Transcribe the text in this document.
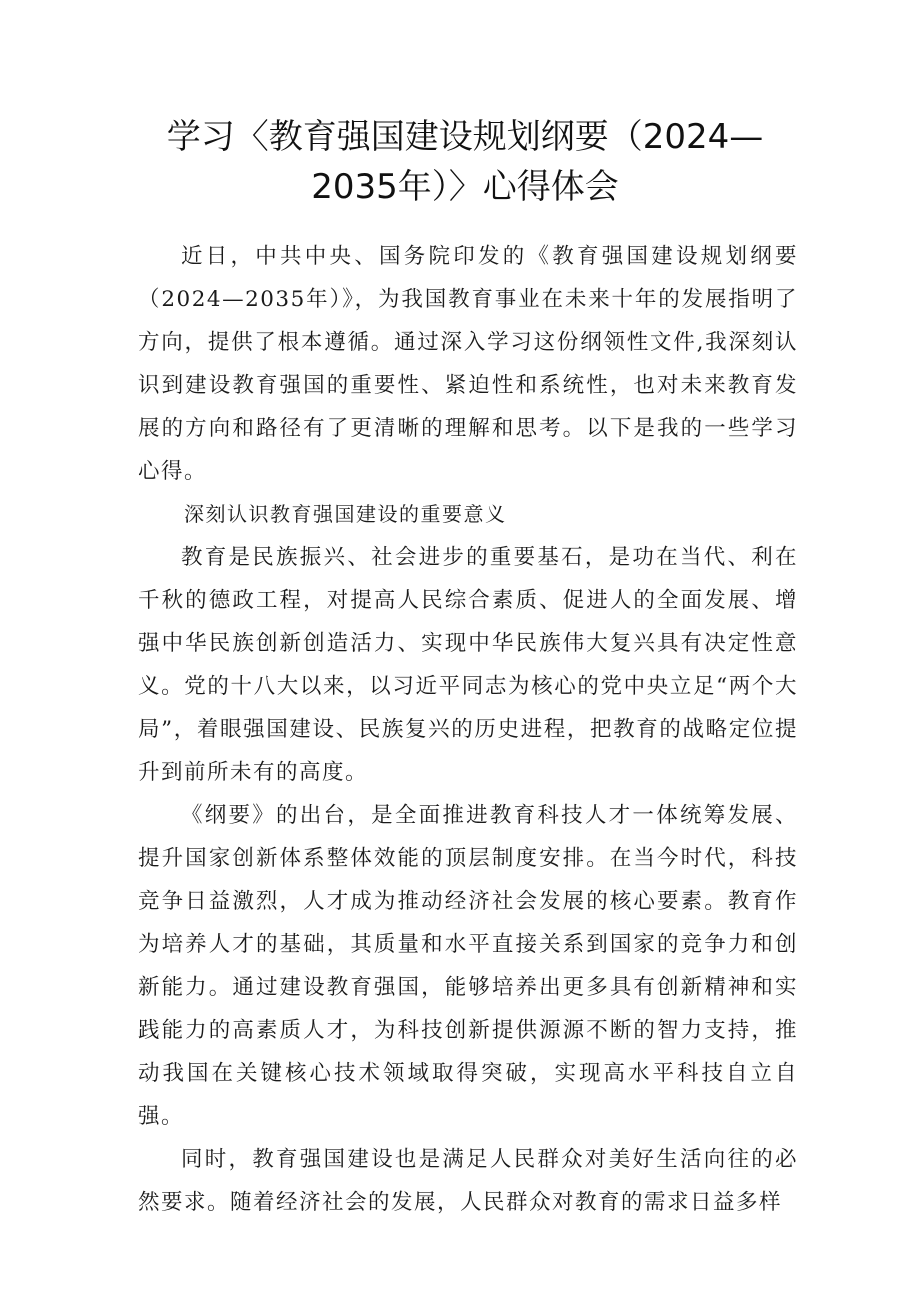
学习〈教育强国建设规划纲要（2024—2035年）〉心得体会

近日，中共中央、国务院印发的《教育强国建设规划纲要（2024—2035年）》，为我国教育事业在未来十年的发展指明了方向，提供了根本遵循。通过深入学习这份纲领性文件,我深刻认识到建设教育强国的重要性、紧迫性和系统性，也对未来教育发展的方向和路径有了更清晰的理解和思考。以下是我的一些学习心得。

深刻认识教育强国建设的重要意义

教育是民族振兴、社会进步的重要基石，是功在当代、利在千秋的德政工程，对提高人民综合素质、促进人的全面发展、增强中华民族创新创造活力、实现中华民族伟大复兴具有决定性意义。党的十八大以来，以习近平同志为核心的党中央立足“两个大局”，着眼强国建设、民族复兴的历史进程，把教育的战略定位提升到前所未有的高度。

《纲要》的出台，是全面推进教育科技人才一体统筹发展、提升国家创新体系整体效能的顶层制度安排。在当今时代，科技竞争日益激烈，人才成为推动经济社会发展的核心要素。教育作为培养人才的基础，其质量和水平直接关系到国家的竞争力和创新能力。通过建设教育强国，能够培养出更多具有创新精神和实践能力的高素质人才，为科技创新提供源源不断的智力支持，推动我国在关键核心技术领域取得突破，实现高水平科技自立自强。

同时，教育强国建设也是满足人民群众对美好生活向往的必然要求。随着经济社会的发展，人民群众对教育的需求日益多样
